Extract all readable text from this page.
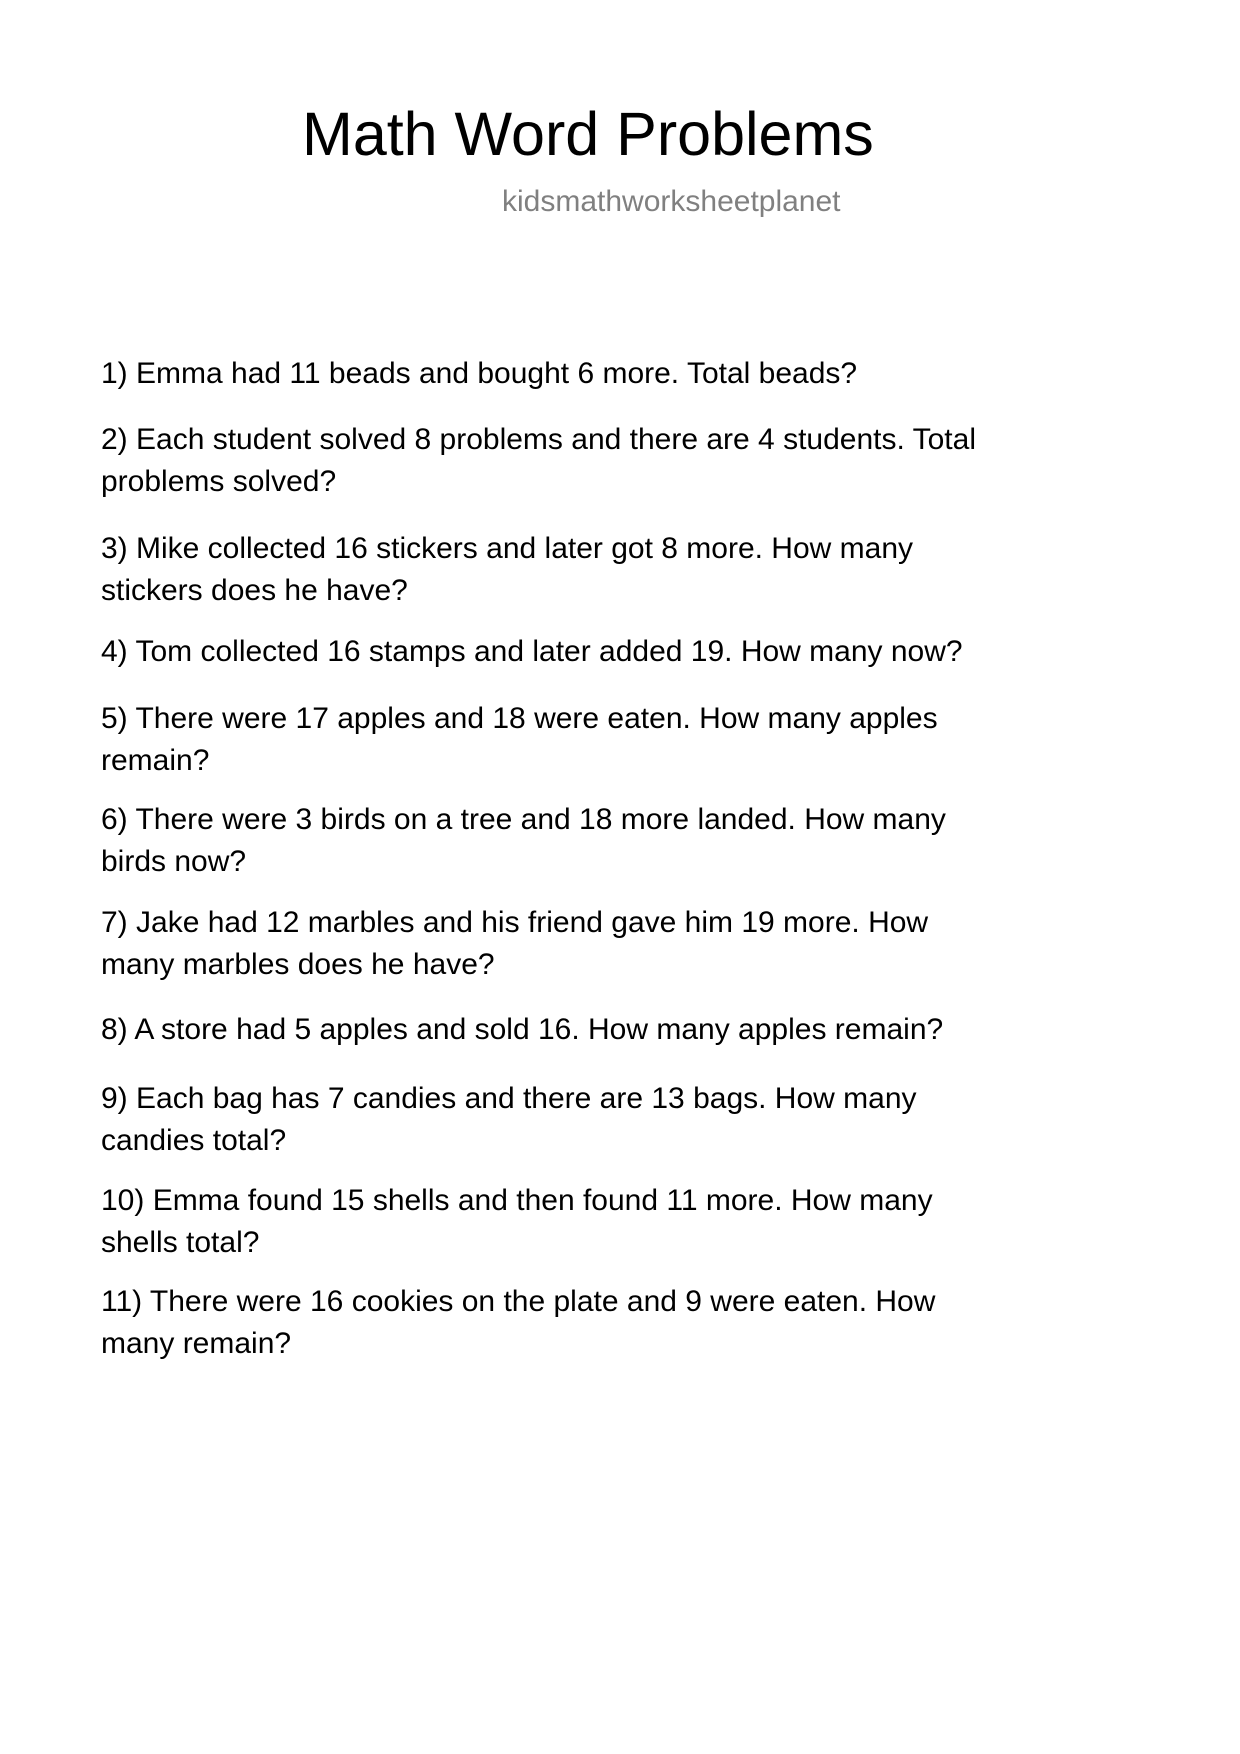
Math Word Problems
kidsmathworksheetplanet
1) Emma had 11 beads and bought 6 more. Total beads?
2) Each student solved 8 problems and there are 4 students. Total
problems solved?
3) Mike collected 16 stickers and later got 8 more. How many
stickers does he have?
4) Tom collected 16 stamps and later added 19. How many now?
5) There were 17 apples and 18 were eaten. How many apples
remain?
6) There were 3 birds on a tree and 18 more landed. How many
birds now?
7) Jake had 12 marbles and his friend gave him 19 more. How
many marbles does he have?
8) A store had 5 apples and sold 16. How many apples remain?
9) Each bag has 7 candies and there are 13 bags. How many
candies total?
10) Emma found 15 shells and then found 11 more. How many
shells total?
11) There were 16 cookies on the plate and 9 were eaten. How
many remain?
